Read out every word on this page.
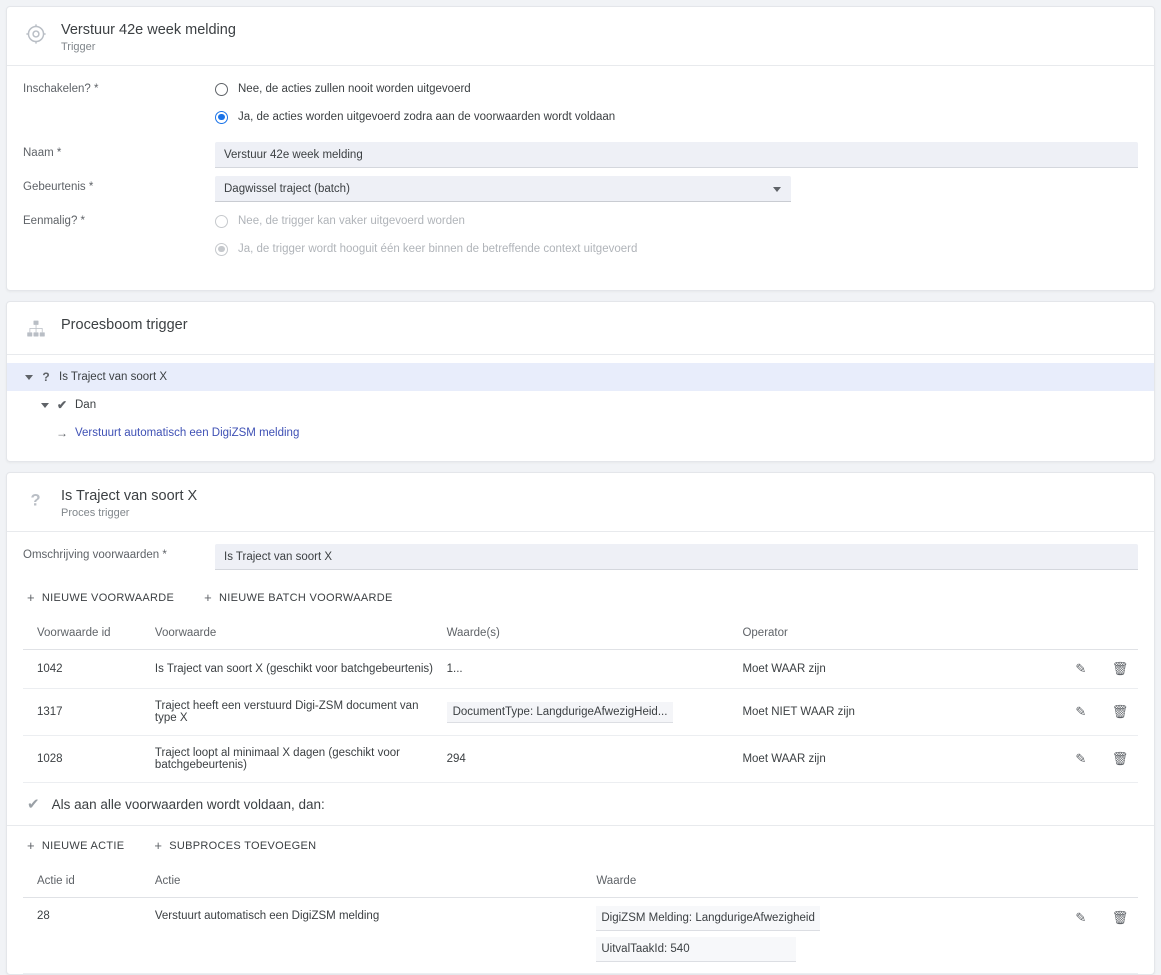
Verstuur 42e week melding
Trigger
Inschakelen? *	Nee, de acties zullen nooit worden uitgevoerd
Ja, de acties worden uitgevoerd zodra aan de voorwaarden wordt voldaan
Naam *
Verstuur 42e week melding
Gebeurtenis *	Dagwissel traject (batch)
Eenmalig? *	Nee, de trigger kan vaker uitgevoerd worden
Ja, de trigger wordt hooguit één keer binnen de betreffende context uitgevoerd
Procesboom trigger
? Is Traject van soort X
✔ Dan
→ Verstuurt automatisch een DigiZSM melding
? Is Traject van soort X
Proces trigger
Omschrijving voorwaarden *
Is Traject van soort X
+ NIEUWE VOORWAARDE + NIEUWE BATCH VOORWAARDE
Voorwaarde id	Voorwaarde	Waarde(s)	Operator	
1042	Is Traject van soort X (geschikt voor batchgebeurtenis)	1...	Moet WAAR zijn	✎ 🗑
1317	Traject heeft een verstuurd Digi-ZSM document van type X	DocumentType: LangdurigeAfwezigHeid...	Moet NIET WAAR zijn	✎ 🗑
1028	Traject loopt al minimaal X dagen (geschikt voor batchgebeurtenis)	294	Moet WAAR zijn	✎ 🗑
✔ Als aan alle voorwaarden wordt voldaan, dan:
+ NIEUWE ACTIE + SUBPROCES TOEVOEGEN
Actie id	Actie	Waarde	
28	Verstuurt automatisch een DigiZSM melding	DigiZSM Melding: LangdurigeAfwezigheid
UitvalTaakId: 540	✎ 🗑
